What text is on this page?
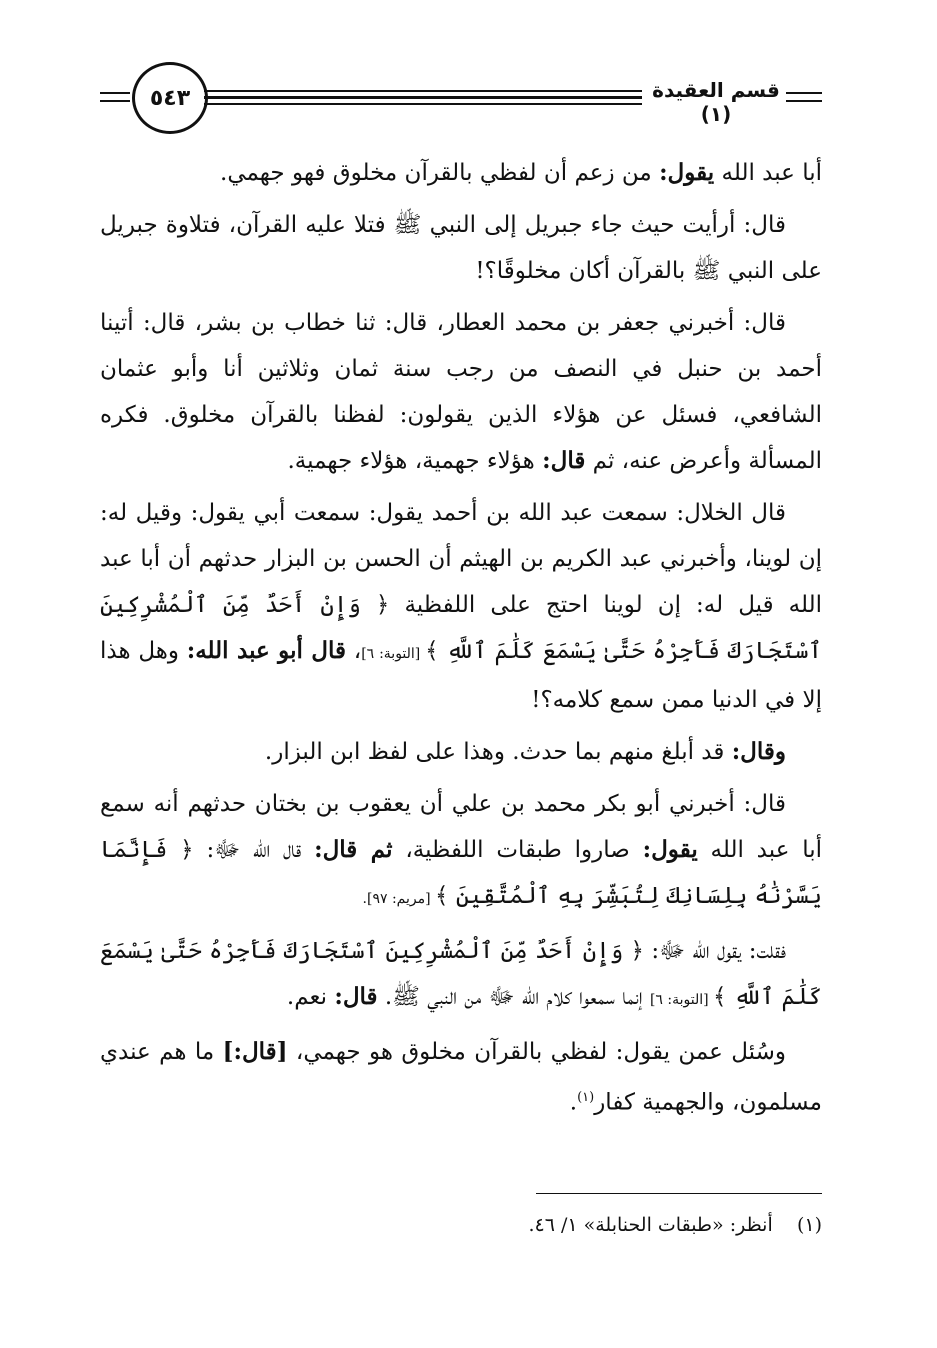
٥٤٣	قسم العقيدة (١)

أبا عبد الله يقول: من زعم أن لفظي بالقرآن مخلوق فهو جهمي.

قال: أرأيت حيث جاء جبريل إلى النبي ﷺ فتلا عليه القرآن، فتلاوة جبريل على النبي ﷺ بالقرآن أكان مخلوقًا؟!

قال: أخبرني جعفر بن محمد العطار، قال: ثنا خطاب بن بشر، قال: أتينا أحمد بن حنبل في النصف من رجب سنة ثمان وثلاثين أنا وأبو عثمان الشافعي، فسئل عن هؤلاء الذين يقولون: لفظنا بالقرآن مخلوق. فكره المسألة وأعرض عنه، ثم قال: هؤلاء جهمية، هؤلاء جهمية.

قال الخلال: سمعت عبد الله بن أحمد يقول: سمعت أبي يقول: وقيل له: إن لوينا، وأخبرني عبد الكريم بن الهيثم أن الحسن بن البزار حدثهم أن أبا عبد الله قيل له: إن لوينا احتج على اللفظية ﴿ وَإِنْ أَحَدٌ مِّنَ ٱلْمُشْرِكِينَ ٱسْتَجَارَكَ فَأَجِرْهُ حَتَّىٰ يَسْمَعَ كَلَٰمَ ٱللَّهِ ﴾ [التوبة: ٦]، قال أبو عبد الله: وهل هذا إلا في الدنيا ممن سمع كلامه؟!

وقال: قد أبلغ منهم بما حدث. وهذا على لفظ ابن البزار.

قال: أخبرني أبو بكر محمد بن علي أن يعقوب بن بختان حدثهم أنه سمع أبا عبد الله يقول: صاروا طبقات اللفظية، ثم قال: قال الله ﷻ: ﴿ فَإِنَّمَا يَسَّرْنَٰهُ بِلِسَانِكَ لِتُبَشِّرَ بِهِ ٱلْمُتَّقِينَ ﴾ [مريم: ٩٧].

فقلت: يقول الله ﷻ: ﴿ وَإِنْ أَحَدٌ مِّنَ ٱلْمُشْرِكِينَ ٱسْتَجَارَكَ فَأَجِرْهُ حَتَّىٰ يَسْمَعَ كَلَٰمَ ٱللَّهِ ﴾ [التوبة: ٦] إنما سمعوا كلام الله ﷻ من النبي ﷺ. قال: نعم.

وسُئل عمن يقول: لفظي بالقرآن مخلوق هو جهمي، [قال:] ما هم عندي مسلمون، والجهمية كفار$^{(١)}$.

(١)    أنظر: «طبقات الحنابلة» ١/ ٤٦.
